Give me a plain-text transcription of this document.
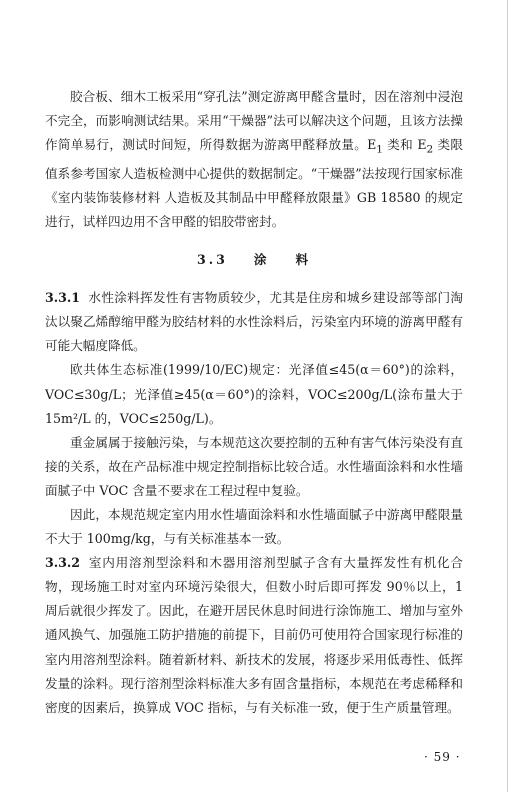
胶合板、细木工板采用“穿孔法”测定游离甲醛含量时，因在溶剂中浸泡不完全，而影响测试结果。采用“干燥器”法可以解决这个问题，且该方法操作简单易行，测试时间短，所得数据为游离甲醛释放量。$E_1$ 类和 $E_2$ 类限值系参考国家人造板检测中心提供的数据制定。“干燥器”法按现行国家标准《室内装饰装修材料 人造板及其制品中甲醛释放限量》GB 18580 的规定进行，试样四边用不含甲醛的铝胶带密封。

3.3 涂 料

3.3.1 水性涂料挥发性有害物质较少，尤其是住房和城乡建设部等部门淘汰以聚乙烯醇缩甲醛为胶结材料的水性涂料后，污染室内环境的游离甲醛有可能大幅度降低。

欧共体生态标准(1999/10/EC)规定：光泽值≤45(α＝60°)的涂料，VOC≤30g/L；光泽值≥45(α＝60°)的涂料，VOC≤200g/L(涂布量大于 15m²/L 的，VOC≤250g/L)。

重金属属于接触污染，与本规范这次要控制的五种有害气体污染没有直接的关系，故在产品标准中规定控制指标比较合适。水性墙面涂料和水性墙面腻子中 VOC 含量不要求在工程过程中复验。

因此，本规范规定室内用水性墙面涂料和水性墙面腻子中游离甲醛限量不大于 100mg/kg，与有关标准基本一致。

3.3.2 室内用溶剂型涂料和木器用溶剂型腻子含有大量挥发性有机化合物，现场施工时对室内环境污染很大，但数小时后即可挥发 90％以上，1 周后就很少挥发了。因此，在避开居民休息时间进行涂饰施工、增加与室外通风换气、加强施工防护措施的前提下，目前仍可使用符合国家现行标准的室内用溶剂型涂料。随着新材料、新技术的发展，将逐步采用低毒性、低挥发量的涂料。现行溶剂型涂料标准大多有固含量指标，本规范在考虑稀释和密度的因素后，换算成 VOC 指标，与有关标准一致，便于生产质量管理。

· 59 ·
